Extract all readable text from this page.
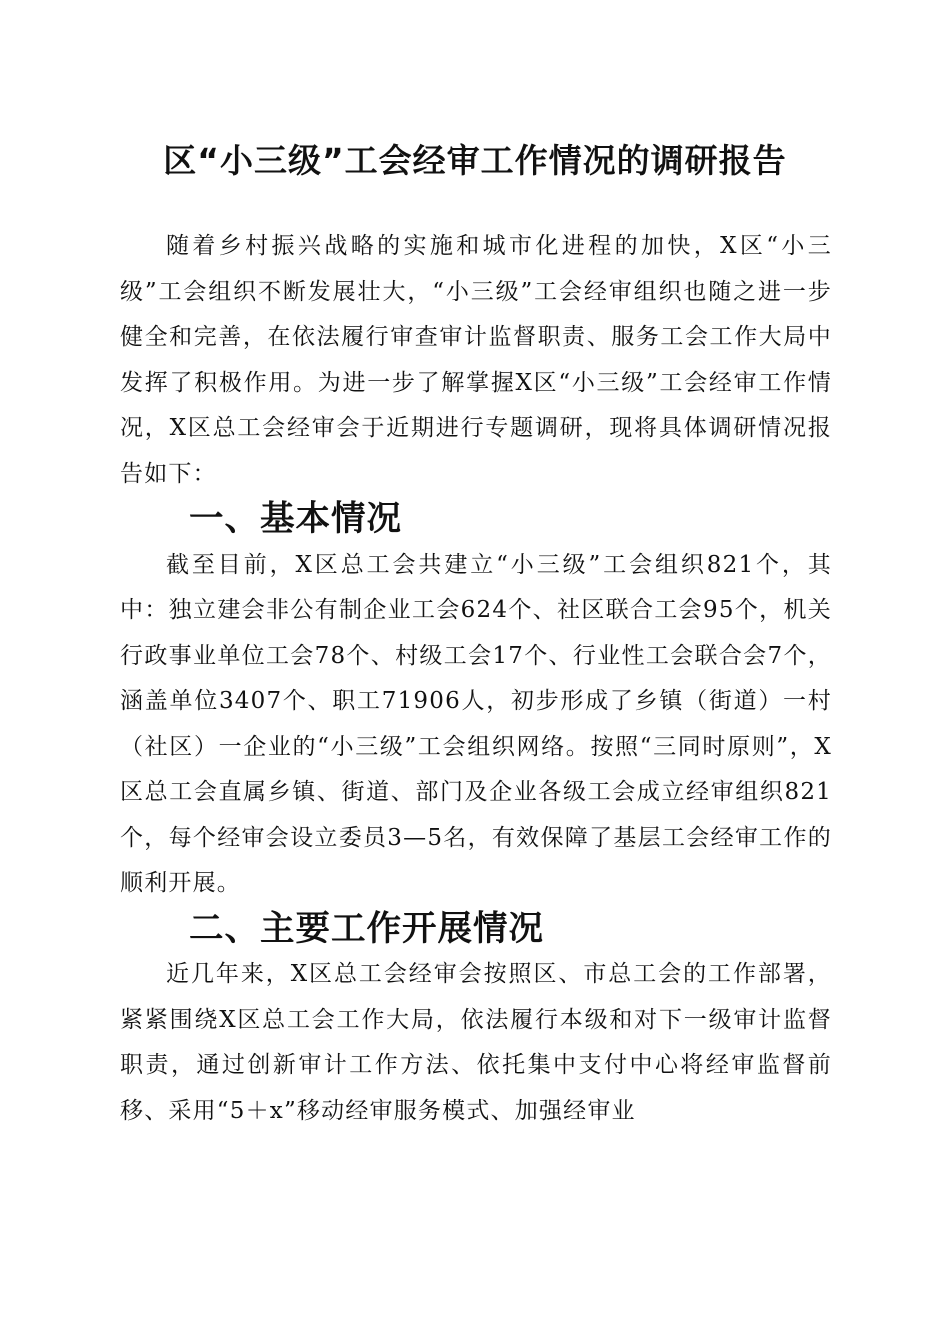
区“小三级”工会经审工作情况的调研报告

随着乡村振兴战略的实施和城市化进程的加快，X区“小三级”工会组织不断发展壮大，“小三级”工会经审组织也随之进一步健全和完善，在依法履行审查审计监督职责、服务工会工作大局中发挥了积极作用。为进一步了解掌握X区“小三级”工会经审工作情况，X区总工会经审会于近期进行专题调研，现将具体调研情况报告如下：

一、基本情况

截至目前，X区总工会共建立“小三级”工会组织821个，其中：独立建会非公有制企业工会624个、社区联合工会95个，机关行政事业单位工会78个、村级工会17个、行业性工会联合会7个，涵盖单位3407个、职工71906人，初步形成了乡镇（街道）一村（社区）一企业的“小三级”工会组织网络。按照“三同时原则”，X区总工会直属乡镇、街道、部门及企业各级工会成立经审组织821个，每个经审会设立委员3—5名，有效保障了基层工会经审工作的顺利开展。

二、主要工作开展情况

近几年来，X区总工会经审会按照区、市总工会的工作部署，紧紧围绕X区总工会工作大局，依法履行本级和对下一级审计监督职责，通过创新审计工作方法、依托集中支付中心将经审监督前移、采用“5＋x”移动经审服务模式、加强经审业
